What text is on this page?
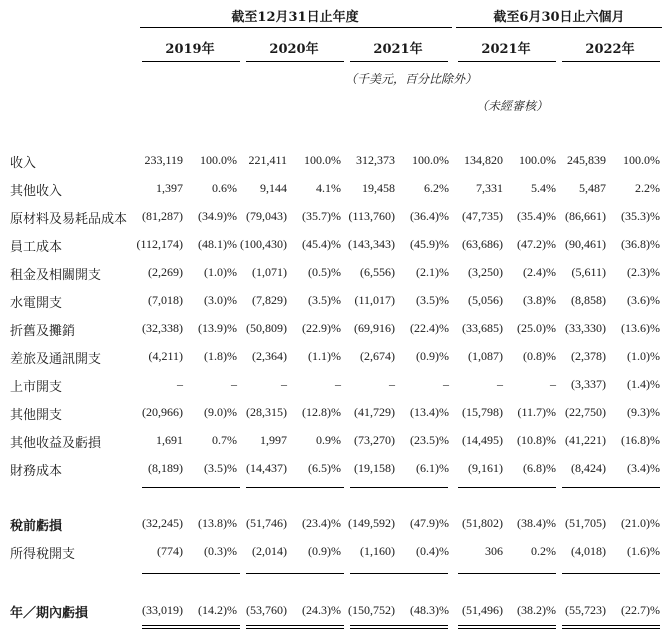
截至12月31日止年度	截至6月30日止六個月
2019年	2020年	2021年	2021年	2022年
（千美元，百分比除外）
（未經審核）
收入	233,119	100.0% 221,411	100.0%	312,373	100.0%	134,820	100.0% 245,839	100.0%
其他收入	1,397	0.6%	9,144	4.1%	19,458	6.2%	7,331	5.4%	5,487	2.2%
原材料及易耗品成本	(81,287)	(34.9)% (79,043)	(35.7)% (113,760)	(36.4)%	(47,735)	(35.4)% (86,661)	(35.3)%
員工成本	(112,174)	(48.1)% (100,430)	(45.4)% (143,343)	(45.9)%	(63,686)	(47.2)% (90,461)	(36.8)%
租金及相關開支	(2,269)	(1.0)%	(1,071)	(0.5)%	(6,556)	(2.1)%	(3,250)	(2.4)%	(5,611)	(2.3)%
水電開支	(7,018)	(3.0)%	(7,829)	(3.5)%	(11,017)	(3.5)%	(5,056)	(3.8)%	(8,858)	(3.6)%
折舊及攤銷	(32,338)	(13.9)% (50,809)	(22.9)%	(69,916)	(22.4)%	(33,685)	(25.0)% (33,330)	(13.6)%
差旅及通訊開支	(4,211)	(1.8)%	(2,364)	(1.1)%	(2,674)	(0.9)%	(1,087)	(0.8)%	(2,378)	(1.0)%
上市開支	–	–	–	–	–	–	–	–	(3,337)	(1.4)%
其他開支	(20,966)	(9.0)% (28,315)	(12.8)%	(41,729)	(13.4)%	(15,798)	(11.7)% (22,750)	(9.3)%
其他收益及虧損	1,691	0.7%	1,997	0.9%	(73,270)	(23.5)%	(14,495)	(10.8)% (41,221)	(16.8)%
財務成本	(8,189)	(3.5)% (14,437)	(6.5)%	(19,158)	(6.1)%	(9,161)	(6.8)%	(8,424)	(3.4)%
稅前虧損	(32,245)	(13.8)% (51,746)	(23.4)% (149,592)	(47.9)%	(51,802)	(38.4)% (51,705)	(21.0)%
所得稅開支	(774)	(0.3)%	(2,014)	(0.9)%	(1,160)	(0.4)%	306	0.2%	(4,018)	(1.6)%
年／期內虧損	(33,019)	(14.2)% (53,760)	(24.3)% (150,752)	(48.3)%	(51,496)	(38.2)% (55,723)	(22.7)%
